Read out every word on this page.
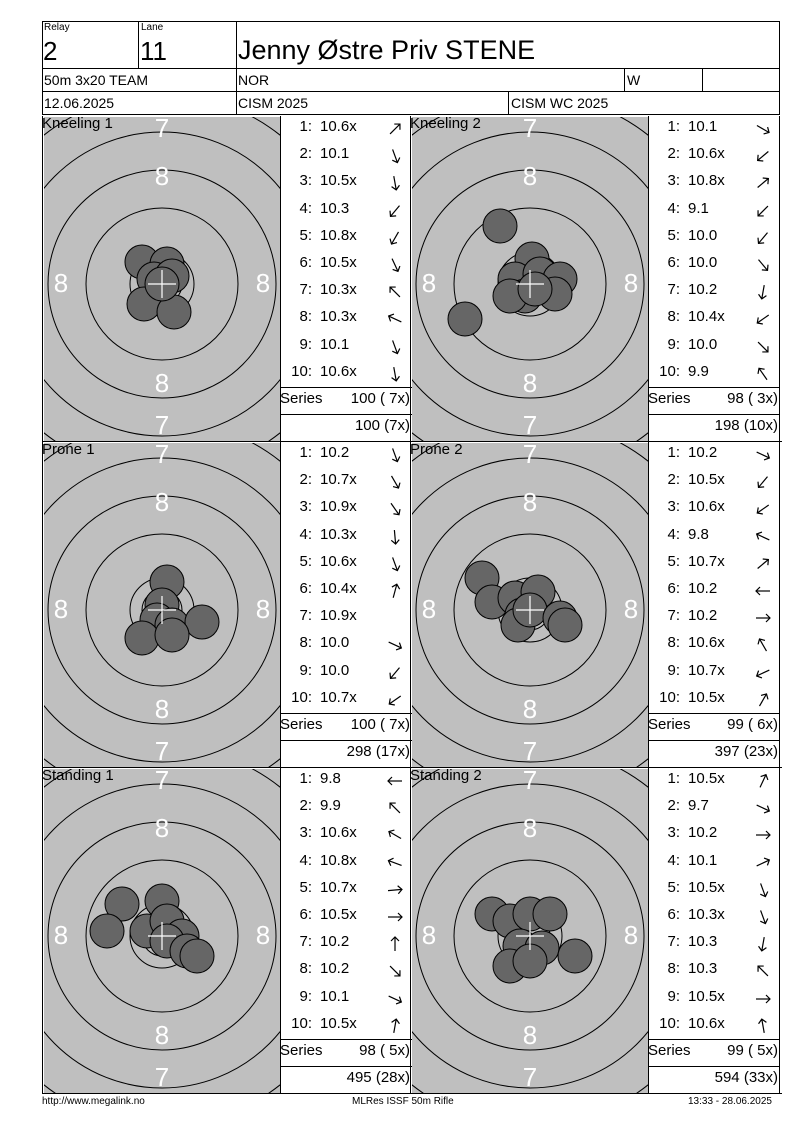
Relay
2
Lane
11	Jenny Østre Priv STENE
50m 3x20 TEAM	NOR	W
12.06.2025	CISM 2025	CISM WC 2025
7
7
8
8
8	8
Kneeling 1	1: 10.6x
2: 10.1
3: 10.5x
4: 10.3
5: 10.8x
6: 10.5x
7: 10.3x
8: 10.3x
9: 10.1
10: 10.6x
Series	100 ( 7x)
100 (7x)
7
7
8
8
8	8
Kneeling 2	1: 10.1
2: 10.6x
3: 10.8x
4: 9.1
5: 10.0
6: 10.0
7: 10.2
8: 10.4x
9: 10.0
10: 9.9
Series	98 ( 3x)
198 (10x)
7
7
8
8
8	8
Prone 1	1: 10.2
2: 10.7x
3: 10.9x
4: 10.3x
5: 10.6x
6: 10.4x
7: 10.9x
8: 10.0
9: 10.0
10: 10.7x
Series	100 ( 7x)
298 (17x)
7
7
8
8
8	8
Prone 2	1: 10.2
2: 10.5x
3: 10.6x
4: 9.8
5: 10.7x
6: 10.2
7: 10.2
8: 10.6x
9: 10.7x
10: 10.5x
Series	99 ( 6x)
397 (23x)
7
7
8
8
8	8
Standing 1	1: 9.8
2: 9.9
3: 10.6x
4: 10.8x
5: 10.7x
6: 10.5x
7: 10.2
8: 10.2
9: 10.1
10: 10.5x
Series	98 ( 5x)
495 (28x)
7
7
8
8
8	8
Standing 2	1: 10.5x
2: 9.7
3: 10.2
4: 10.1
5: 10.5x
6: 10.3x
7: 10.3
8: 10.3
9: 10.5x
10: 10.6x
Series	99 ( 5x)
594 (33x)
http://www.megalink.no	MLRes ISSF 50m Rifle	13:33 - 28.06.2025
